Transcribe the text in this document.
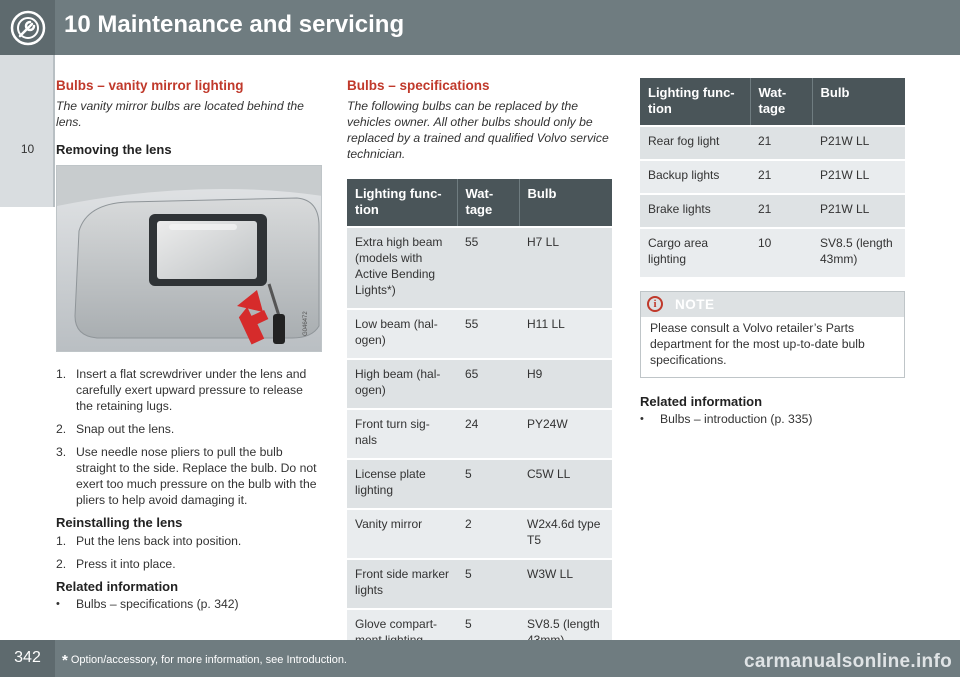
10 Maintenance and servicing
10
Bulbs – vanity mirror lighting

The vanity mirror bulbs are located behind the lens.

Removing the lens
G046472
1. Insert a flat screwdriver under the lens and carefully exert upward pressure to release the retaining lugs.
2. Snap out the lens.
3. Use needle nose pliers to pull the bulb straight to the side. Replace the bulb. Do not exert too much pressure on the bulb with the pliers to help avoid damaging it.
Reinstalling the lens
1. Put the lens back into position.
2. Press it into place.
Related information
•	Bulbs – specifications (p. 342)
Bulbs – specifications

The following bulbs can be replaced by the vehicles owner. All other bulbs should only be replaced by a trained and qualified Volvo service technician.

Lighting func- tion	Wat- tage	Bulb
Extra high beam (models with Active Bending Lights*)	55	H7 LL
Low beam (hal- ogen)	55	H11 LL
High beam (hal- ogen)	65	H9
Front turn sig- nals	24	PY24W
License plate lighting	5	C5W LL
Vanity mirror	2	W2x4.6d type T5
Front side marker lights	5	W3W LL
Glove compart-	5	SV8.5 (length
Lighting func- tion	Wat- tage	Bulb
Rear fog light	21	P21W LL
Backup lights	21	P21W LL
Brake lights	21	P21W LL
Cargo area lighting	10	SV8.5 (length 43mm)
i	NOTE
Please consult a Volvo retailer’s Parts department for the most up-to-date bulb specifications.
Related information
•	Bulbs – introduction (p. 335)
342	* Option/accessory, for more information, see Introduction.	carmanualsonline.info
